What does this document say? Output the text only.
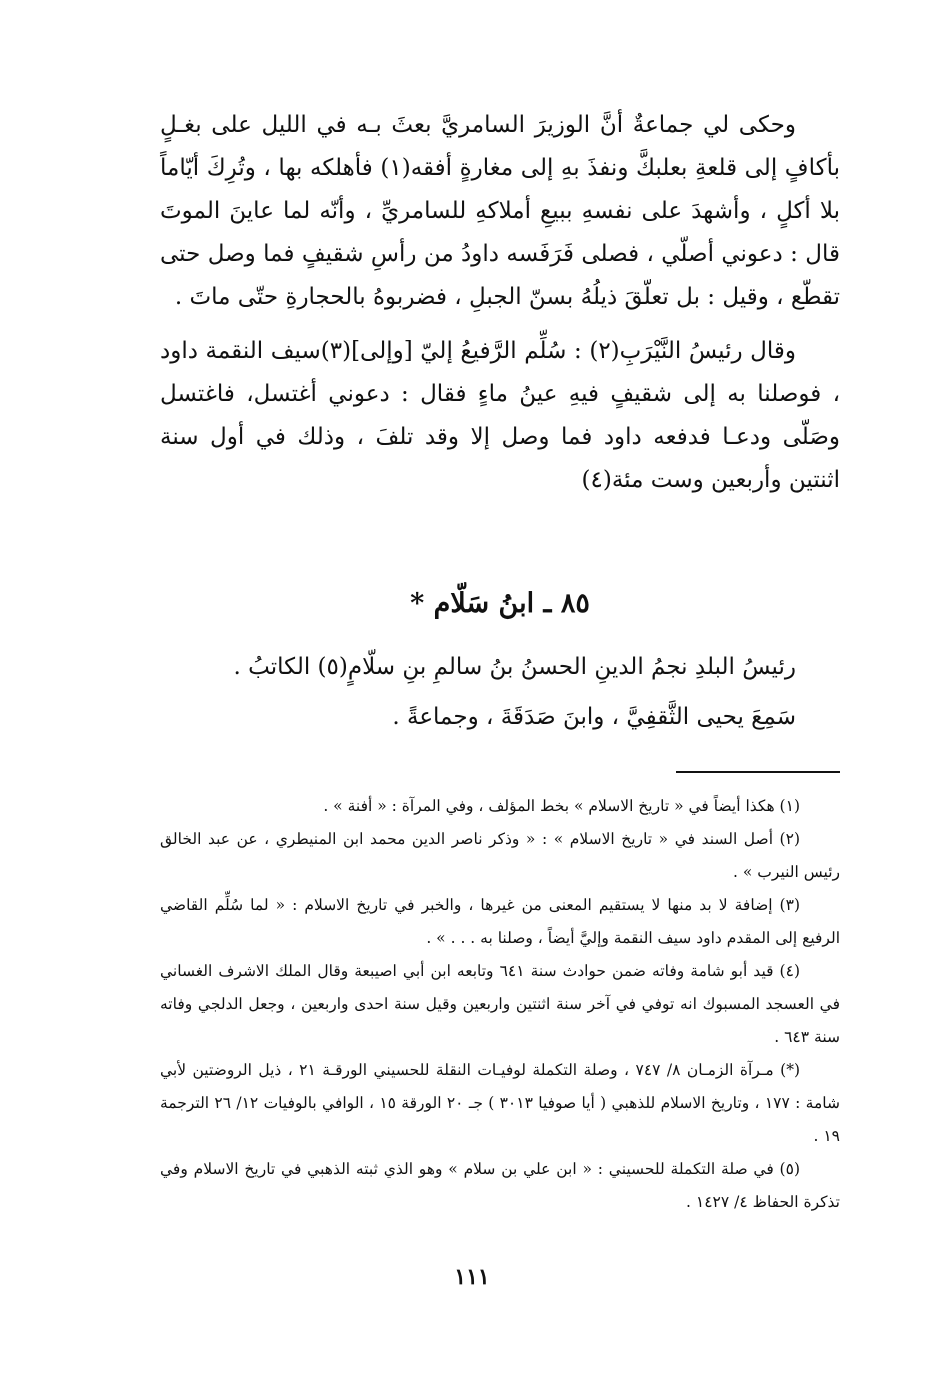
وحكى لي جماعةٌ أنَّ الوزيرَ السامريَّ بعثَ بـه في الليل على بغـلٍ بأكافٍ إلى قلعةِ بعلبكَّ ونفذَ بهِ إلى مغارةٍ أفقه(١) فأهلكه بها ، وتُرِكَ أيّاماً بلا أكلٍ ، وأشهدَ على نفسهِ ببيعِ أملاكهِ للسامريِّ ، وأنّه لما عاينَ الموتَ قال : دعوني أصلّي ، فصلى فَرَفَسه داودُ من رأسِ شقيفٍ فما وصل حتى تقطّع ، وقيل : بل تعلّقَ ذيلُهُ بسنّ الجبلِ ، فضربوهُ بالحجارةِ حتّى ماتَ .

وقال رئيسُ النَّيْرَبِ(٢) : سُلِّم الرَّفيعُ إليّ [وإلى](٣)سيف النقمة داود ، فوصلنا به إلى شقيفٍ فيهِ عينُ ماءٍ فقال : دعوني أغتسل، فاغتسل وصَلّى ودعـا فدفعه داود فما وصل إلا وقد تلفَ ، وذلك في أول سنة اثنتين وأربعين وست مئة(٤)

٨٥ ـ ابنُ سَلّام *

رئيسُ البلدِ نجمُ الدينِ الحسنُ بنُ سالمِ بنِ سلّامٍ(٥) الكاتبُ .

سَمِعَ يحيى الثَّقفِيَّ ، وابنَ صَدَقَةَ ، وجماعةً .

(١) هكذا أيضاً في « تاريخ الاسلام » بخط المؤلف ، وفي المرآة : « أفنة » .

(٢) أصل السند في « تاريخ الاسلام » : « وذكر ناصر الدين محمد ابن المنيطري ، عن عبد الخالق رئيس النيرب » .

(٣) إضافة لا بد منها لا يستقيم المعنى من غيرها ، والخبر في تاريخ الاسلام : « لما سُلِّم القاضي الرفيع إلى المقدم داود سيف النقمة وإليَّ أيضاً ، وصلنا به . . . » .

(٤) قيد أبو شامة وفاته ضمن حوادث سنة ٦٤١ وتابعه ابن أبي اصيبعة وقال الملك الاشرف الغساني في العسجد المسبوك انه توفي في آخر سنة اثنتين واربعين وقيل سنة احدى واربعين ، وجعل الدلجي وفاته سنة ٦٤٣ .

(*) مـرآة الزمـان ٨/ ٧٤٧ ، وصلة التكملة لوفيـات النقلة للحسيني الورقـة ٢١ ، ذيل الروضتين لأبي شامة : ١٧٧ ، وتاريخ الاسلام للذهبي ( أيا صوفيا ٣٠١٣ ) جـ ٢٠ الورقة ١٥ ، الوافي بالوفيات ١٢/ ٢٦ الترجمة ١٩ .

(٥) في صلة التكملة للحسيني : « ابن علي بن سلام » وهو الذي ثبته الذهبي في تاريخ الاسلام وفي تذكرة الحفاظ ٤/ ١٤٢٧ .

١١١
